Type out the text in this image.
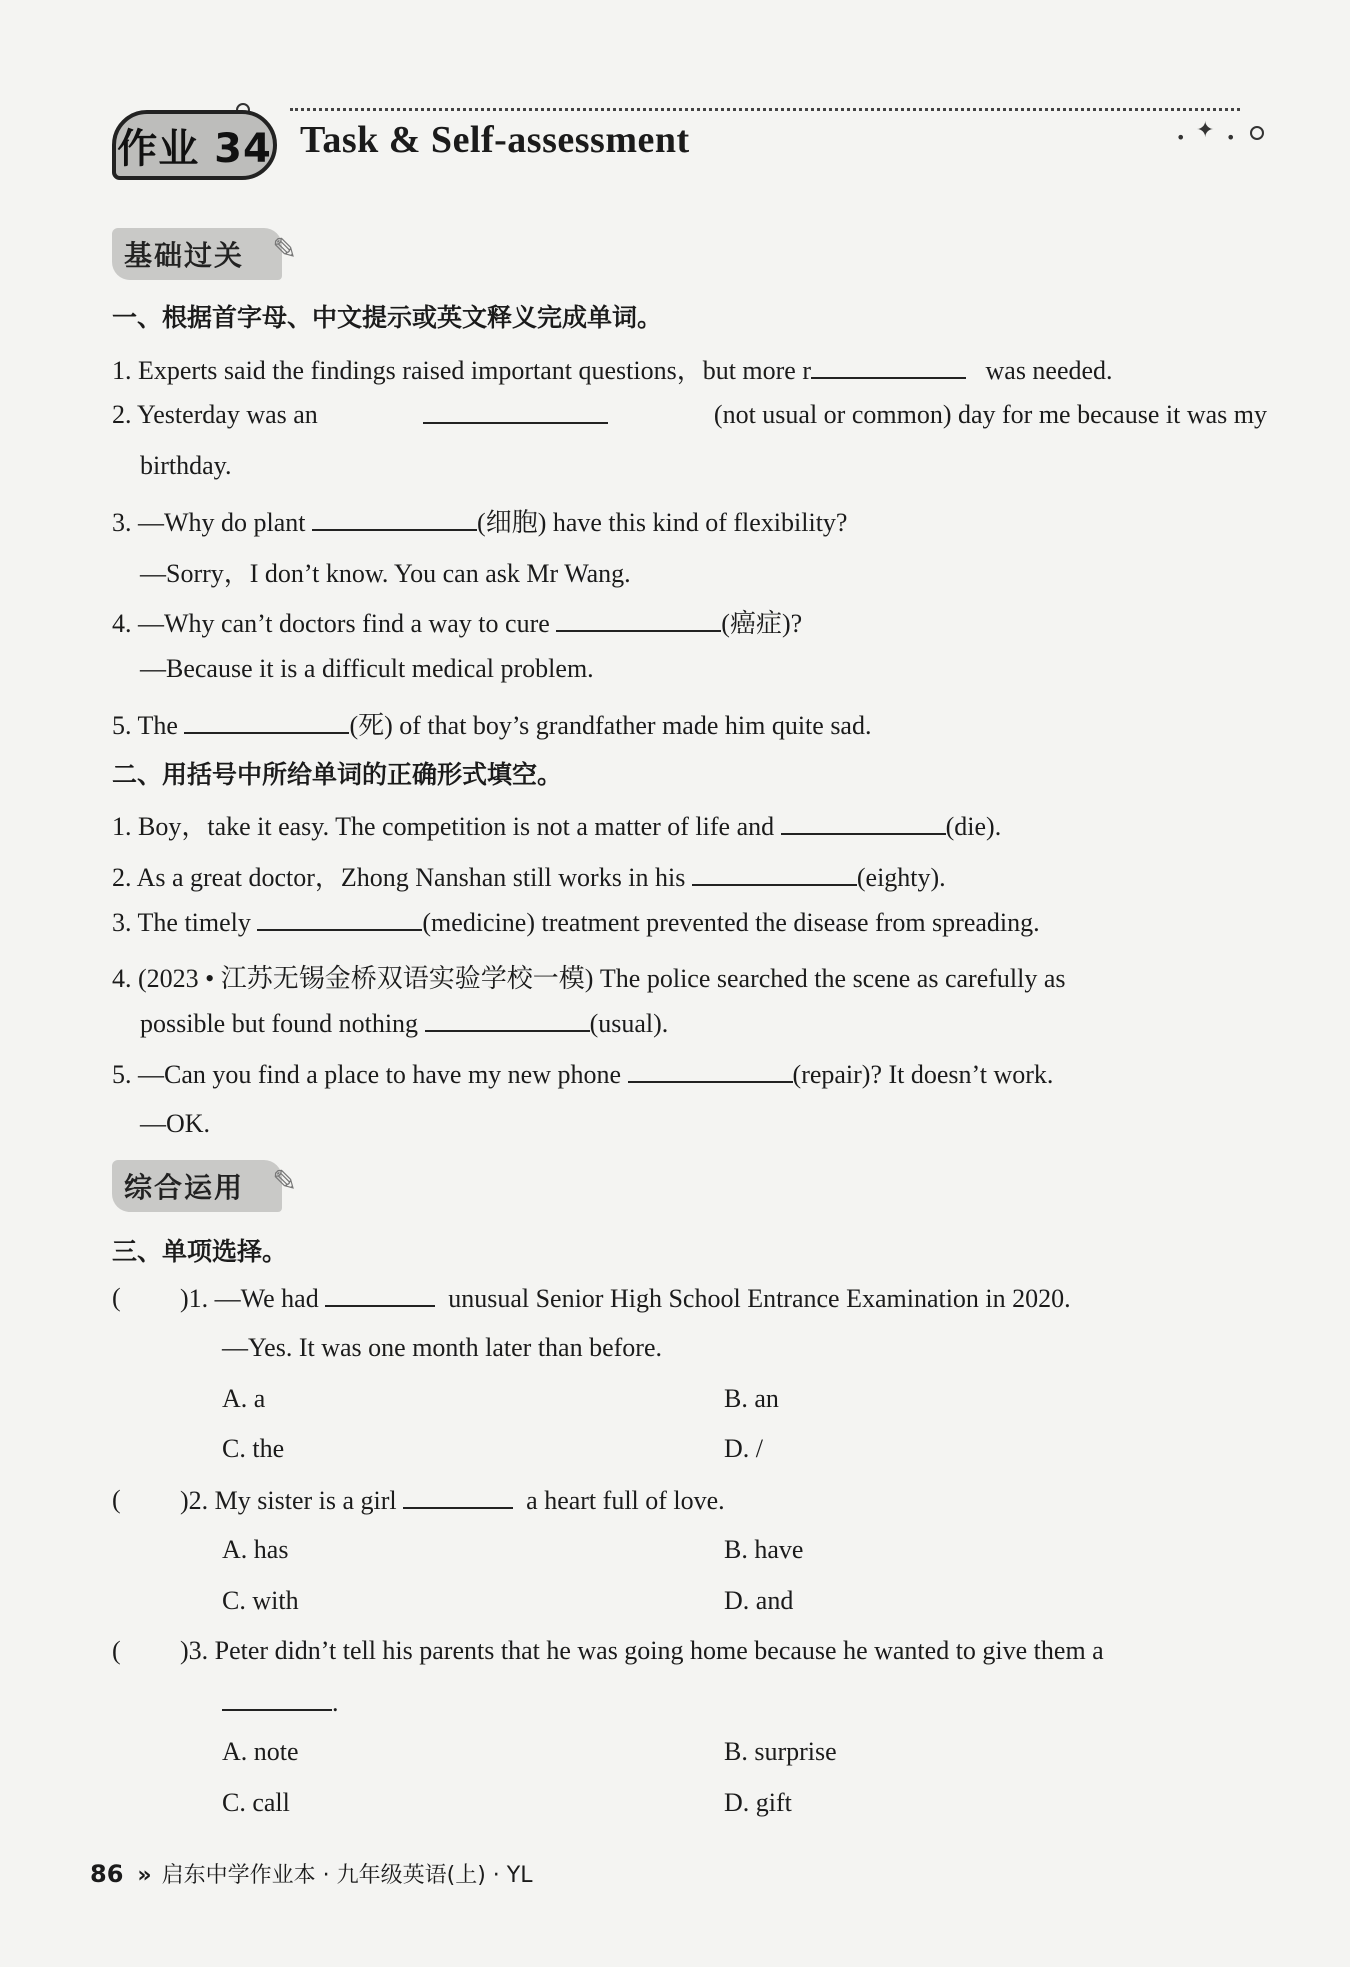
✦
•	•
作业 34 Task & Self-assessment
基础过关 ✎
一、根据首字母、中文提示或英文释义完成单词。
1. Experts said the findings raised important questions，but more r	was needed.
2. Yesterday was an	(not usual or common) day for me because it was my
birthday.
3. —Why do plant	(细胞) have this kind of flexibility?
—Sorry，I don’t know. You can ask Mr Wang.
4. —Why can’t doctors find a way to cure	(癌症)?
—Because it is a difficult medical problem.
5. The	(死) of that boy’s grandfather made him quite sad.
二、用括号中所给单词的正确形式填空。
1. Boy，take it easy. The competition is not a matter of life and	(die).
2. As a great doctor，Zhong Nanshan still works in his	(eighty).
3. The timely	(medicine) treatment prevented the disease from spreading.
4. (2023 • 江苏无锡金桥双语实验学校一模) The police searched the scene as carefully as
possible but found nothing	(usual).
5. —Can you find a place to have my new phone	(repair)? It doesn’t work.
—OK.
综合运用 ✎
三、单项选择。
( )1. —We had	unusual Senior High School Entrance Examination in 2020.
—Yes. It was one month later than before.
A. a	B. an
C. the	D. /
( )2. My sister is a girl	a heart full of love.
A. has	B. have
C. with	D. and
( )3. Peter didn’t tell his parents that he was going home because he wanted to give them a
.
A. note	B. surprise
C. call	D. gift
86 » 启东中学作业本 · 九年级英语(上) · YL
